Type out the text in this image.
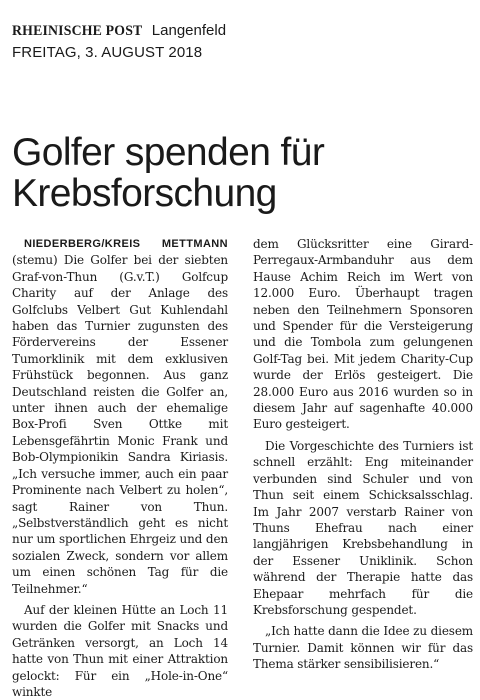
RHEINISCHE POST Langenfeld
FREITAG, 3. AUGUST 2018
Golfer spenden für
Krebsforschung
NIEDERBERG/KREIS METTMANN

(stemu) Die Golfer bei der siebten Graf-von-Thun (G.v.T.) Golfcup Charity auf der Anlage des Golfclubs Velbert Gut Kuhlendahl haben das Turnier zugunsten des Fördervereins der Essener Tumorklinik mit dem exklusiven Frühstück begonnen. Aus ganz Deutschland reisten die Golfer an, unter ihnen auch der ehemalige Box-Profi Sven Ottke mit Lebensgefährtin Monic Frank und Bob-Olympionikin Sandra Kiriasis. „Ich versuche immer, auch ein paar Prominente nach Velbert zu holen“, sagt Rainer von Thun. „Selbstverständlich geht es nicht nur um sportlichen Ehrgeiz und den sozialen Zweck, sondern vor allem um einen schönen Tag für die Teilnehmer.“

Auf der kleinen Hütte an Loch 11 wurden die Golfer mit Snacks und Getränken versorgt, an Loch 14 hatte von Thun mit einer Attraktion gelockt: Für ein „Hole-in-One“ winkte

dem Glücksritter eine Girard-Perregaux-Armbanduhr aus dem Hause Achim Reich im Wert von 12.000 Euro. Überhaupt tragen neben den Teilnehmern Sponsoren und Spender für die Versteigerung und die Tombola zum gelungenen Golf-Tag bei. Mit jedem Charity-Cup wurde der Erlös gesteigert. Die 28.000 Euro aus 2016 wurden so in diesem Jahr auf sagenhafte 40.000 Euro gesteigert.

Die Vorgeschichte des Turniers ist schnell erzählt: Eng miteinander verbunden sind Schuler und von Thun seit einem Schicksalsschlag. Im Jahr 2007 verstarb Rainer von Thuns Ehefrau nach einer langjährigen Krebsbehandlung in der Essener Uniklinik. Schon während der Therapie hatte das Ehepaar mehrfach für die Krebsforschung gespendet.

„Ich hatte dann die Idee zu diesem Turnier. Damit können wir für das Thema stärker sensibilisieren.“
